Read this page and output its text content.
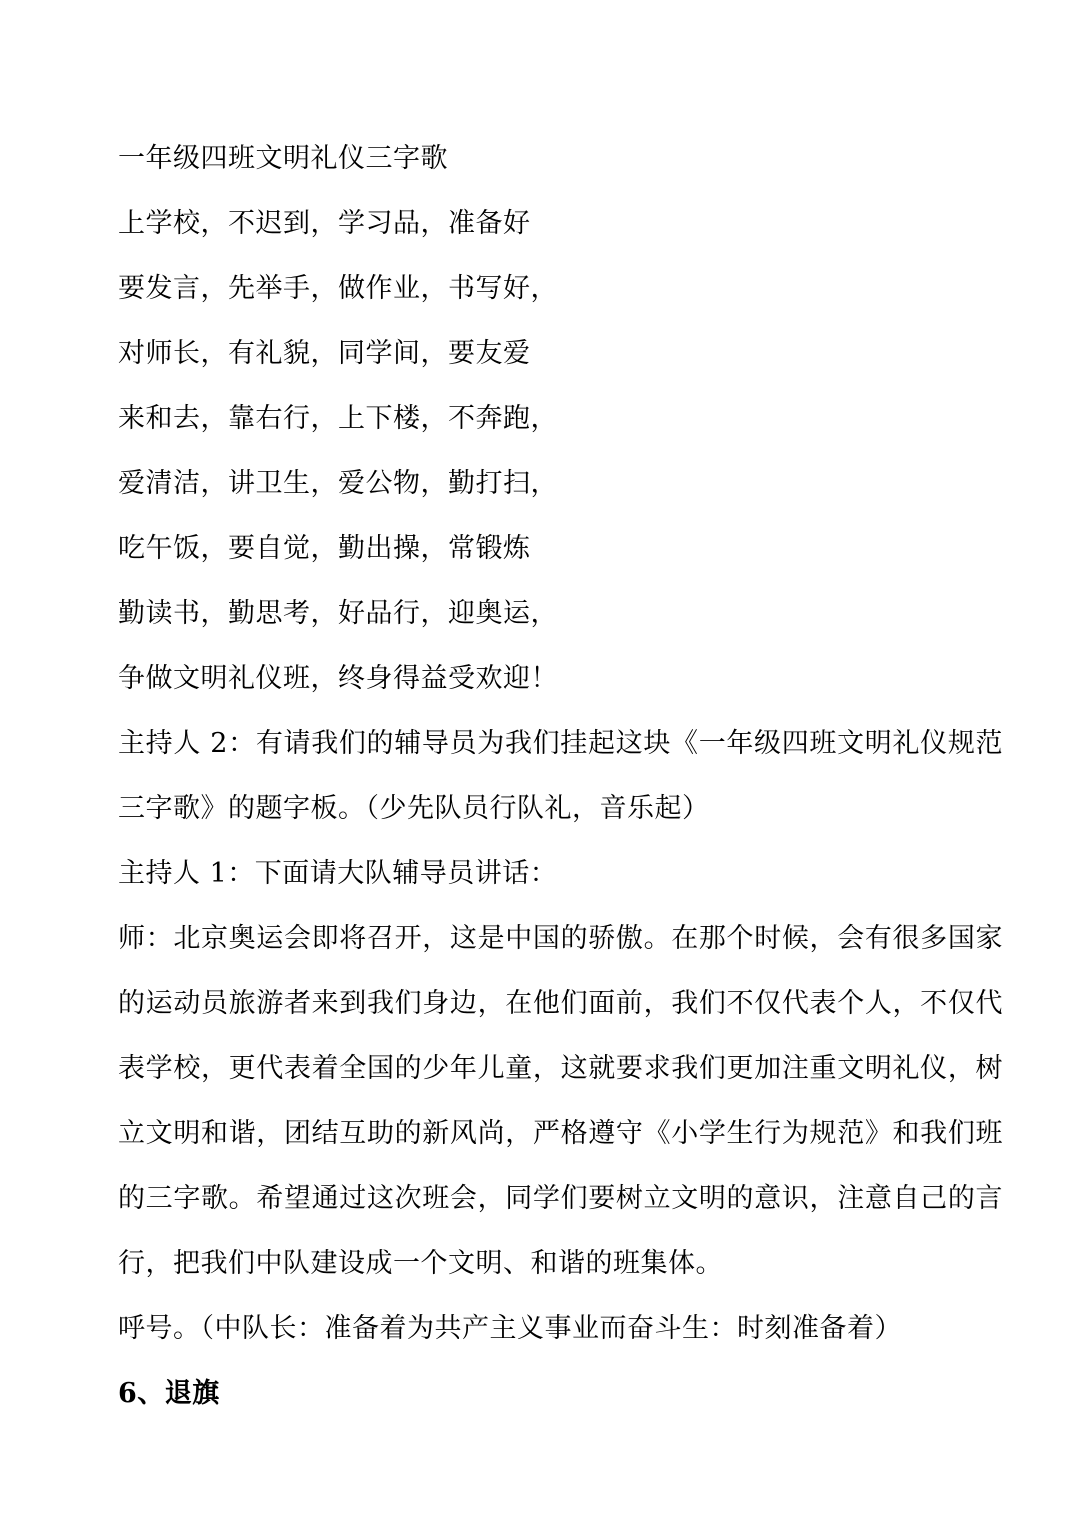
一年级四班文明礼仪三字歌
上学校，不迟到，学习品，准备好
要发言，先举手，做作业，书写好，
对师长，有礼貌，同学间，要友爱
来和去，靠右行，上下楼，不奔跑，
爱清洁，讲卫生，爱公物，勤打扫，
吃午饭，要自觉，勤出操，常锻炼
勤读书，勤思考，好品行，迎奥运，
争做文明礼仪班，终身得益受欢迎！
主持人 2：有请我们的辅导员为我们挂起这块《一年级四班文明礼仪规范三字歌》的题字板。（少先队员行队礼，音乐起）
主持人 1：下面请大队辅导员讲话：
师：北京奥运会即将召开，这是中国的骄傲。在那个时候，会有很多国家的运动员旅游者来到我们身边，在他们面前，我们不仅代表个人，不仅代表学校，更代表着全国的少年儿童，这就要求我们更加注重文明礼仪，树立文明和谐，团结互助的新风尚，严格遵守《小学生行为规范》和我们班的三字歌。希望通过这次班会，同学们要树立文明的意识，注意自己的言行，把我们中队建设成一个文明、和谐的班集体。
呼号。（中队长：准备着为共产主义事业而奋斗生：时刻准备着）
6、退旗
